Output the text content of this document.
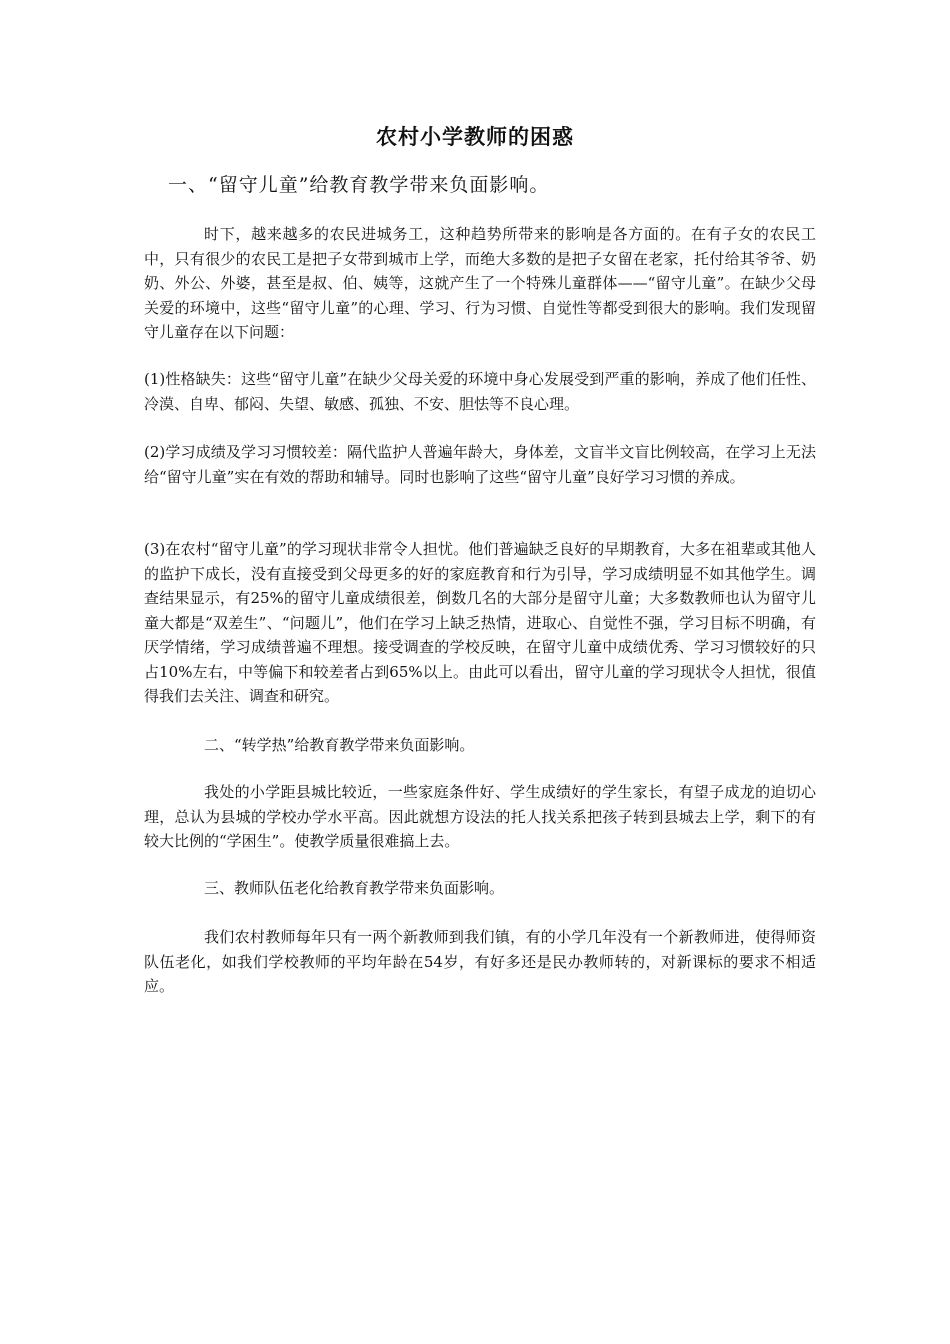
农村小学教师的困惑
一、“留守儿童”给教育教学带来负面影响。
时下，越来越多的农民进城务工，这种趋势所带来的影响是各方面的。在有子女的农民工中，只有很少的农民工是把子女带到城市上学，而绝大多数的是把子女留在老家，托付给其爷爷、奶奶、外公、外婆，甚至是叔、伯、姨等，这就产生了一个特殊儿童群体——“留守儿童”。在缺少父母关爱的环境中，这些“留守儿童”的心理、学习、行为习惯、自觉性等都受到很大的影响。我们发现留守儿童存在以下问题：
(1)性格缺失：这些“留守儿童”在缺少父母关爱的环境中身心发展受到严重的影响，养成了他们任性、冷漠、自卑、郁闷、失望、敏感、孤独、不安、胆怯等不良心理。
(2)学习成绩及学习习惯较差：隔代监护人普遍年龄大，身体差，文盲半文盲比例较高，在学习上无法给“留守儿童”实在有效的帮助和辅导。同时也影响了这些“留守儿童”良好学习习惯的养成。
(3)在农村“留守儿童”的学习现状非常令人担忧。他们普遍缺乏良好的早期教育，大多在祖辈或其他人的监护下成长，没有直接受到父母更多的好的家庭教育和行为引导，学习成绩明显不如其他学生。调查结果显示，有25%的留守儿童成绩很差，倒数几名的大部分是留守儿童；大多数教师也认为留守儿童大都是“双差生”、“问题儿”，他们在学习上缺乏热情，进取心、自觉性不强，学习目标不明确，有厌学情绪，学习成绩普遍不理想。接受调查的学校反映，在留守儿童中成绩优秀、学习习惯较好的只占10%左右，中等偏下和较差者占到65%以上。由此可以看出，留守儿童的学习现状令人担忧，很值得我们去关注、调查和研究。
二、“转学热”给教育教学带来负面影响。
我处的小学距县城比较近，一些家庭条件好、学生成绩好的学生家长，有望子成龙的迫切心理，总认为县城的学校办学水平高。因此就想方设法的托人找关系把孩子转到县城去上学，剩下的有较大比例的“学困生”。使教学质量很难搞上去。
三、教师队伍老化给教育教学带来负面影响。
我们农村教师每年只有一两个新教师到我们镇，有的小学几年没有一个新教师进，使得师资队伍老化，如我们学校教师的平均年龄在54岁，有好多还是民办教师转的，对新课标的要求不相适应。
